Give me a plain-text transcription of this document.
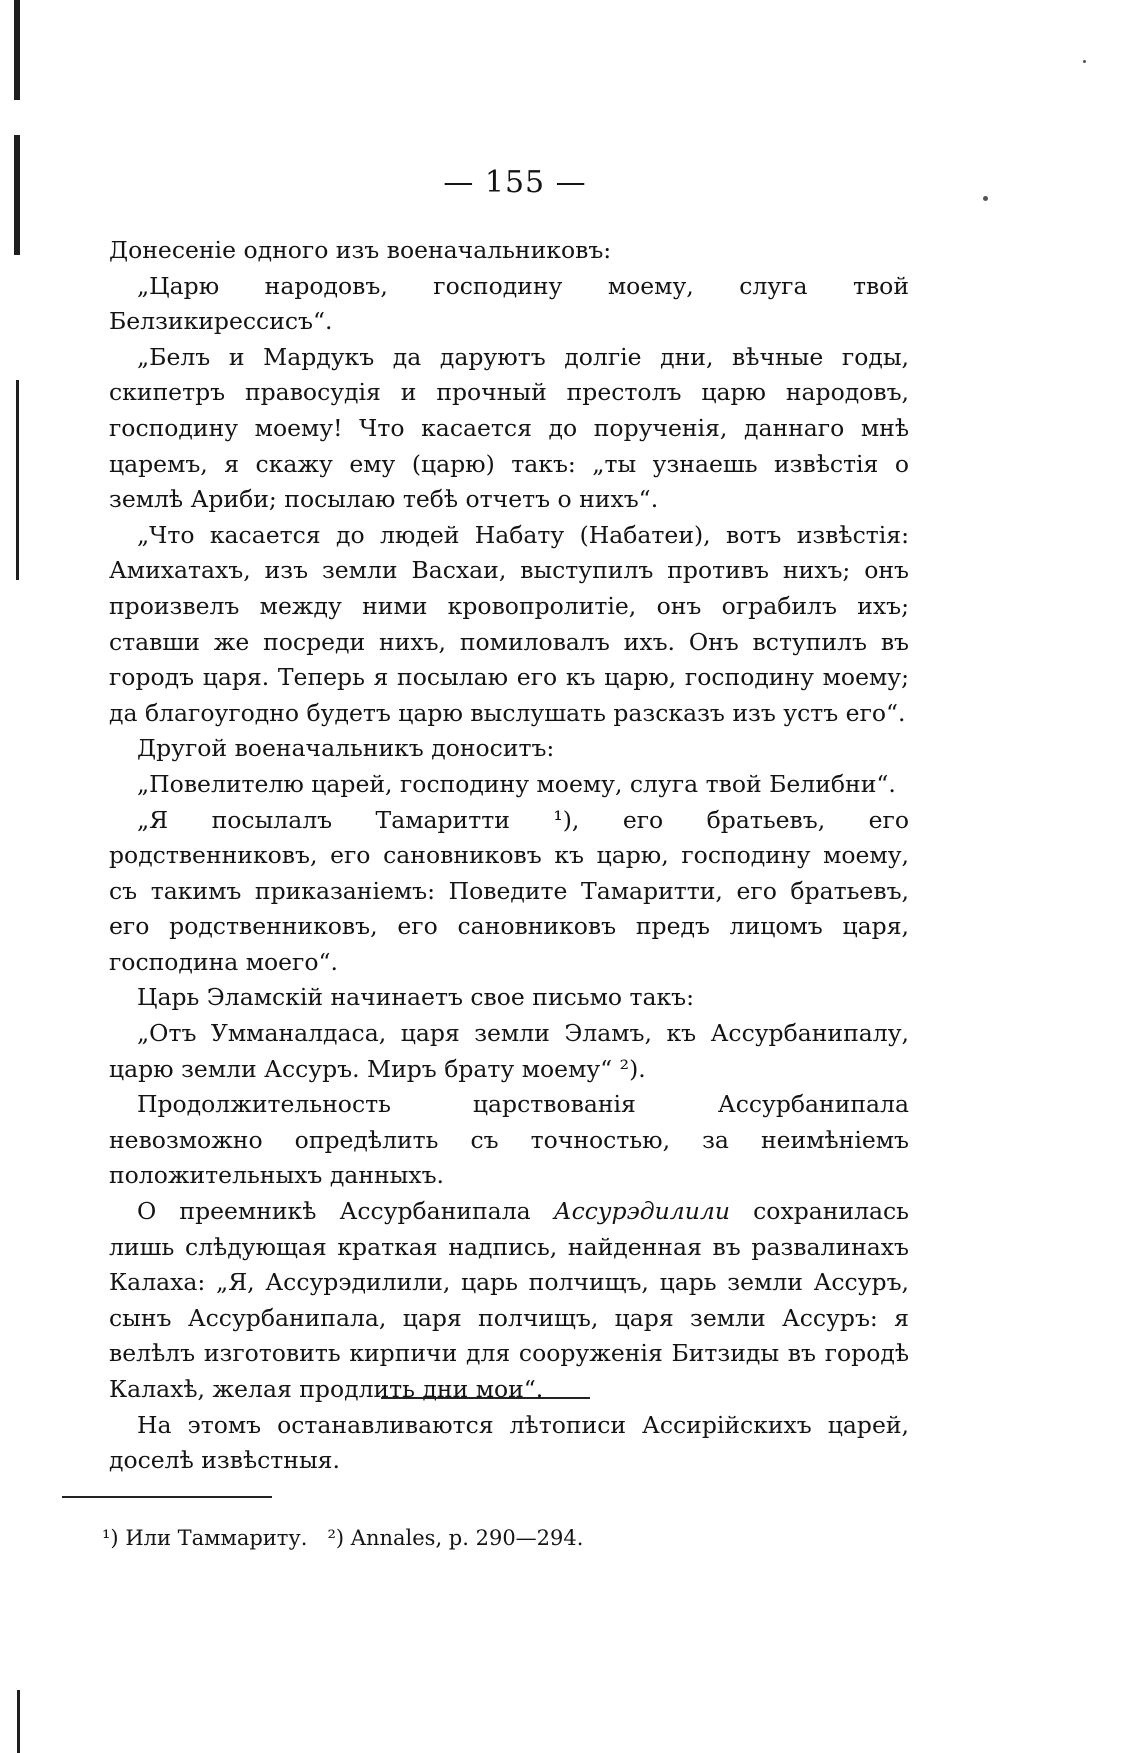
— 155 —

Донесеніе одного изъ военачальниковъ:

„Царю народовъ, господину моему, слуга твой Белзикирессисъ“.

„Белъ и Мардукъ да даруютъ долгіе дни, вѣчные годы, скипетръ правосудія и прочный престолъ царю народовъ, господину моему! Что касается до порученія, даннаго мнѣ царемъ, я скажу ему (царю) такъ: „ты узнаешь извѣстія о землѣ Ариби; посылаю тебѣ отчетъ о нихъ“.

„Что касается до людей Набату (Набатеи), вотъ извѣстія: Амихатахъ, изъ земли Васхаи, выступилъ противъ нихъ; онъ произвелъ между ними кровопролитіе, онъ ограбилъ ихъ; ставши же посреди нихъ, помиловалъ ихъ. Онъ вступилъ въ городъ царя. Теперь я посылаю его къ царю, господину моему; да благоугодно будетъ царю выслушать разсказъ изъ устъ его“.

Другой военачальникъ доноситъ:

„Повелителю царей, господину моему, слуга твой Белибни“.

„Я посылалъ Тамаритти ¹), его братьевъ, его родственниковъ, его сановниковъ къ царю, господину моему, съ такимъ приказаніемъ: Поведите Тамаритти, его братьевъ, его родственниковъ, его сановниковъ предъ лицомъ царя, господина моего“.

Царь Эламскій начинаетъ свое письмо такъ:

„Отъ Умманалдаса, царя земли Эламъ, къ Ассурбанипалу, царю земли Ассуръ. Миръ брату моему“ ²).

Продолжительность царствованія Ассурбанипала невозможно опредѣлить съ точностью, за неимѣніемъ положительныхъ данныхъ.

О преемникѣ Ассурбанипала Ассурэдилили сохранилась лишь слѣдующая краткая надпись, найденная въ развалинахъ Калаха: „Я, Ассурэдилили, царь полчищъ, царь земли Ассуръ, сынъ Ассурбанипала, царя полчищъ, царя земли Ассуръ: я велѣлъ изготовить кирпичи для сооруженія Битзиды въ городѣ Калахѣ, желая продлить дни мои“.

На этомъ останавливаются лѣтописи Ассирійскихъ царей, доселѣ извѣстныя.

¹) Или Таммариту. ²) Annales, p. 290—294.
